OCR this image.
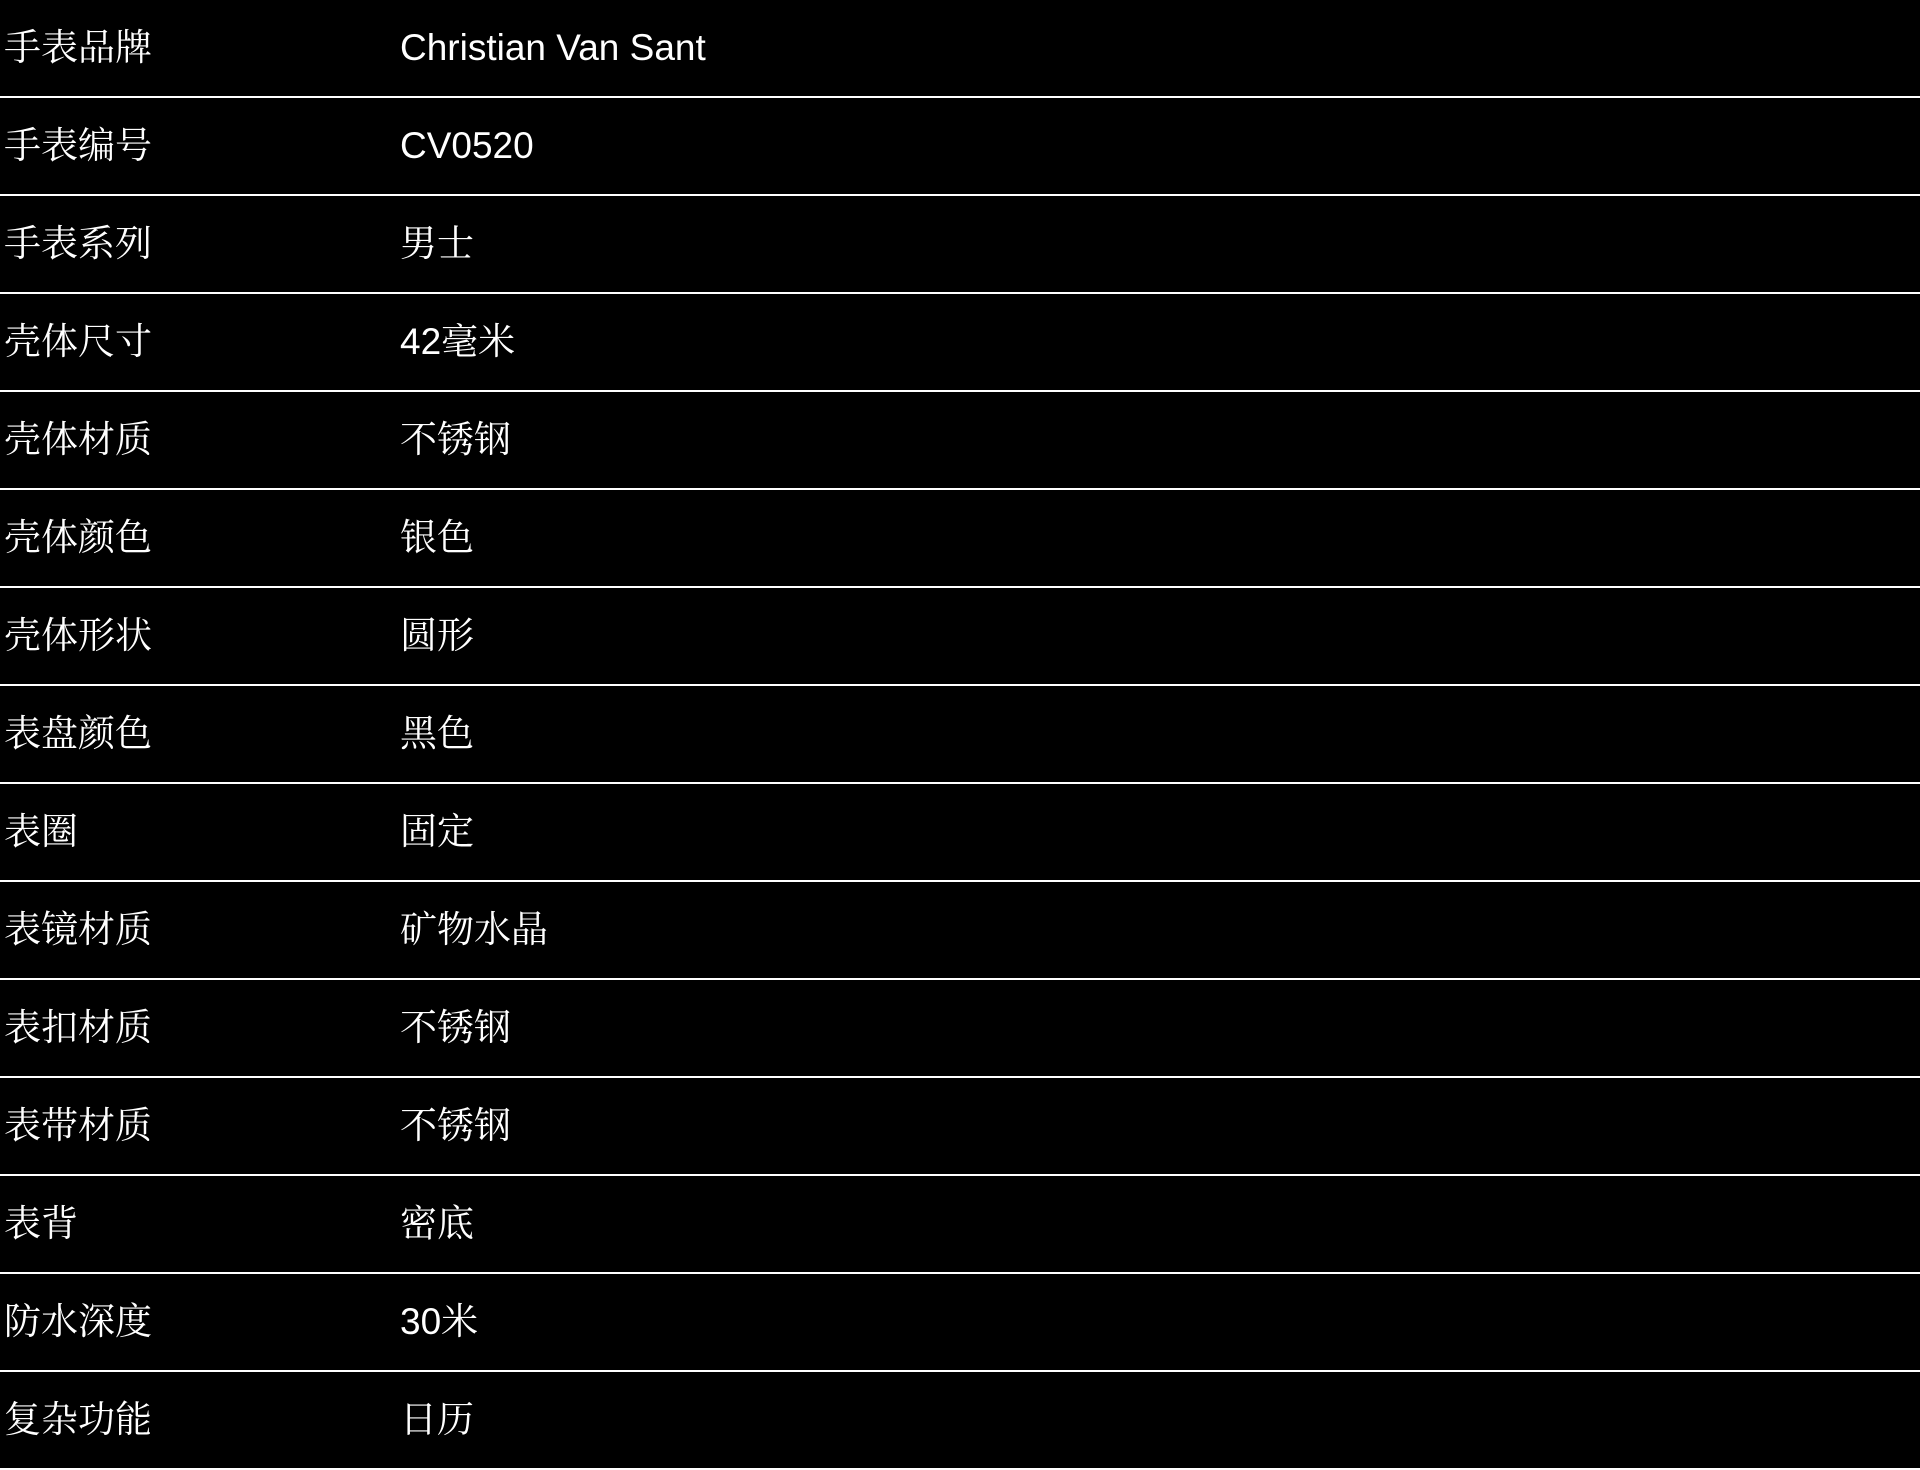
手表品牌	Christian Van Sant
手表编号	CV0520
手表系列	男士
壳体尺寸	42毫米
壳体材质	不锈钢
壳体颜色	银色
壳体形状	圆形
表盘颜色	黑色
表圈	固定
表镜材质	矿物水晶
表扣材质	不锈钢
表带材质	不锈钢
表背	密底
防水深度	30米
复杂功能	日历
